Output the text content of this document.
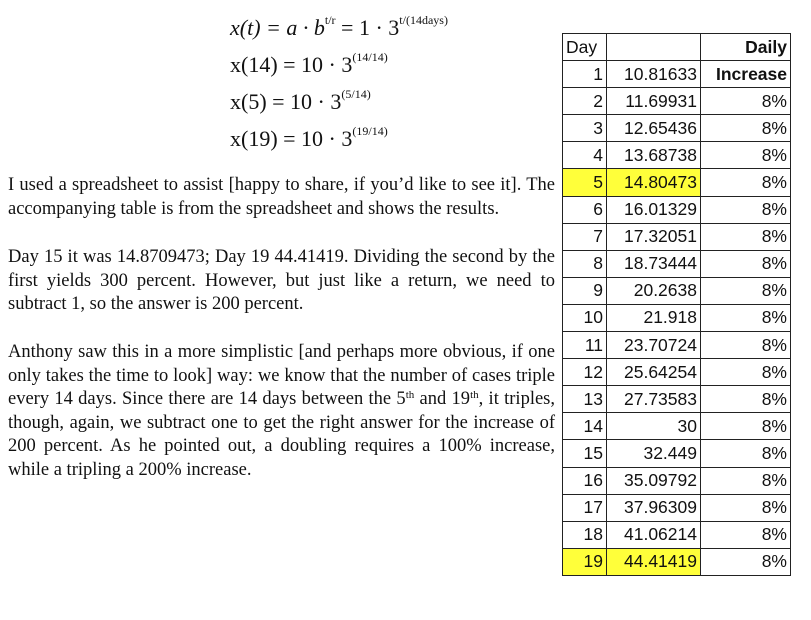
$x(t) = a \cdot b^{t/r} = 1 \cdot 3^{t/(14days)}$
$x(14) = 10 \cdot 3^{(14/14)}$
$x(5) = 10 \cdot 3^{(5/14)}$
$x(19) = 10 \cdot 3^{(19/14)}$

I used a spreadsheet to assist [happy to share, if you’d like to see it]. The accompanying table is from the spreadsheet and shows the results.

Day 15 it was 14.8709473; Day 19 44.41419. Dividing the second by the first yields 300 percent. However, but just like a return, we need to subtract 1, so the answer is 200 percent.

Anthony saw this in a more simplistic [and perhaps more obvious, if one only takes the time to look] way: we know that the number of cases triple every 14 days. Since there are 14 days between the 5th and 19th, it triples, though, again, we subtract one to get the right answer for the increase of 200 percent. As he pointed out, a doubling requires a 100% increase, while a tripling a 200% increase.

Day		Daily
1	10.81633	Increase
2	11.69931	8%
3	12.65436	8%
4	13.68738	8%
5	14.80473	8%
6	16.01329	8%
7	17.32051	8%
8	18.73444	8%
9	20.2638	8%
10	21.918	8%
11	23.70724	8%
12	25.64254	8%
13	27.73583	8%
14	30	8%
15	32.449	8%
16	35.09792	8%
17	37.96309	8%
18	41.06214	8%
19	44.41419	8%
